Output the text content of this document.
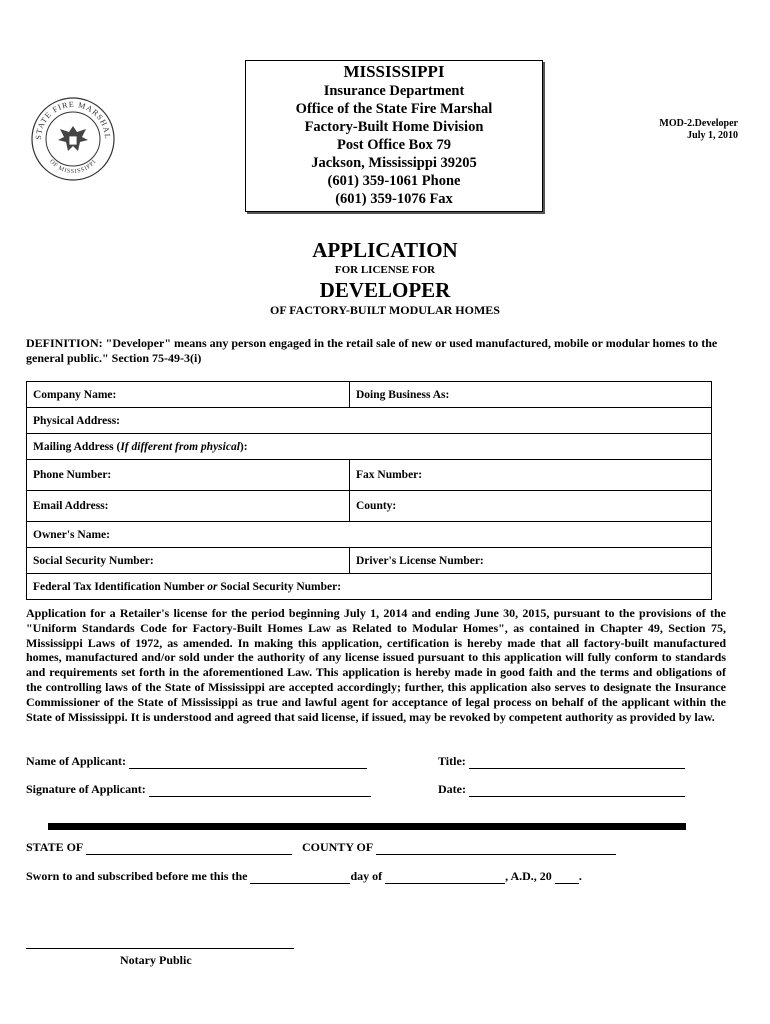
STATE FIRE MARSHAL
OF MISSISSIPPI
MISSISSIPPI
Insurance Department
Office of the State Fire Marshal
Factory-Built Home Division
Post Office Box 79
Jackson, Mississippi 39205
(601) 359-1061 Phone
(601) 359-1076 Fax
MOD-2.Developer
July 1, 2010
APPLICATION
FOR LICENSE FOR
DEVELOPER
OF FACTORY-BUILT MODULAR HOMES
DEFINITION: "Developer" means any person engaged in the retail sale of new or used manufactured, mobile or modular homes to the general public." Section 75-49-3(i)
Company Name:	Doing Business As:
Physical Address:
Mailing Address (If different from physical):
Phone Number:	Fax Number:
Email Address:	County:
Owner's Name:
Social Security Number:	Driver's License Number:
Federal Tax Identification Number or Social Security Number:
Application for a Retailer's license for the period beginning July 1, 2014 and ending June 30, 2015, pursuant to the provisions of the "Uniform Standards Code for Factory-Built Homes Law as Related to Modular Homes", as contained in Chapter 49, Section 75, Mississippi Laws of 1972, as amended. In making this application, certification is hereby made that all factory-built manufactured homes, manufactured and/or sold under the authority of any license issued pursuant to this application will fully conform to standards and requirements set forth in the aforementioned Law. This application is hereby made in good faith and the terms and obligations of the controlling laws of the State of Mississippi are accepted accordingly; further, this application also serves to designate the Insurance Commissioner of the State of Mississippi as true and lawful agent for acceptance of legal process on behalf of the applicant within the State of Mississippi. It is understood and agreed that said license, if issued, may be revoked by competent authority as provided by law.
Name of Applicant:	Title:
Signature of Applicant:	Date:
STATE OF	COUNTY OF
Sworn to and subscribed before me this the	day of	, A.D., 20 .
Notary Public
